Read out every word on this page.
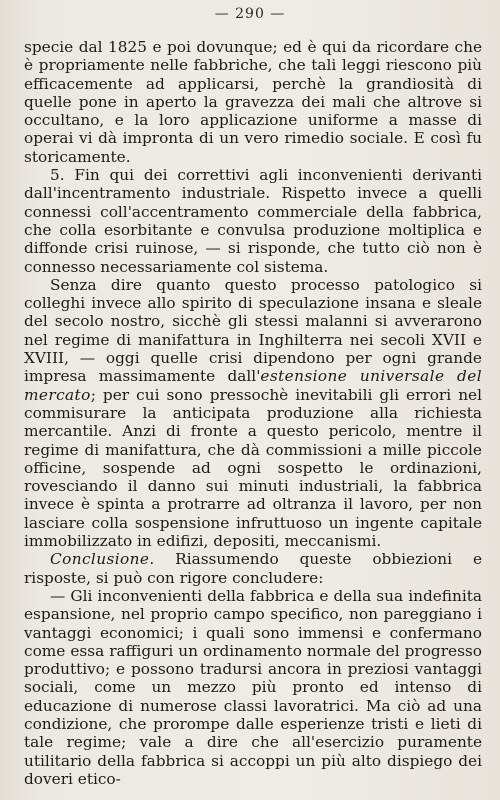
— 290 —

specie dal 1825 e poi dovunque; ed è qui da ricordare che è propriamente nelle fabbriche, che tali leggi riescono più efficacemente ad applicarsi, perchè la grandiosità di quelle pone in aperto la gravezza dei mali che altrove si occultano, e la loro applicazione uniforme a masse di operai vi dà impronta di un vero rimedio sociale. E così fu storicamente.

5. Fin qui dei correttivi agli inconvenienti derivanti dall'incentramento industriale. Rispetto invece a quelli connessi coll'accentramento commerciale della fabbrica, che colla esorbitante e convulsa produzione moltiplica e diffonde crisi ruinose, — si risponde, che tutto ciò non è connesso necessariamente col sistema.

Senza dire quanto questo processo patologico si colleghi invece allo spirito di speculazione insana e sleale del secolo nostro, sicchè gli stessi malanni si avverarono nel regime di manifattura in Inghilterra nei secoli XVII e XVIII, — oggi quelle crisi dipendono per ogni grande impresa massimamente dall'estensione universale del mercato; per cui sono pressochè inevitabili gli errori nel commisurare la anticipata produzione alla richiesta mercantile. Anzi di fronte a questo pericolo, mentre il regime di manifattura, che dà commissioni a mille piccole officine, sospende ad ogni sospetto le ordinazioni, rovesciando il danno sui minuti industriali, la fabbrica invece è spinta a protrarre ad oltranza il lavoro, per non lasciare colla sospensione infruttuoso un ingente capitale immobilizzato in edifizi, depositi, meccanismi.

Conclusione. Riassumendo queste obbiezioni e risposte, si può con rigore concludere:

— Gli inconvenienti della fabbrica e della sua indefinita espansione, nel proprio campo specifico, non pareggiano i vantaggi economici; i quali sono immensi e confermano come essa raffiguri un ordinamento normale del progresso produttivo; e possono tradursi ancora in preziosi vantaggi sociali, come un mezzo più pronto ed intenso di educazione di numerose classi lavoratrici. Ma ciò ad una condizione, che prorompe dalle esperienze tristi e lieti di tale regime; vale a dire che all'esercizio puramente utilitario della fabbrica si accoppi un più alto dispiego dei doveri etico-
